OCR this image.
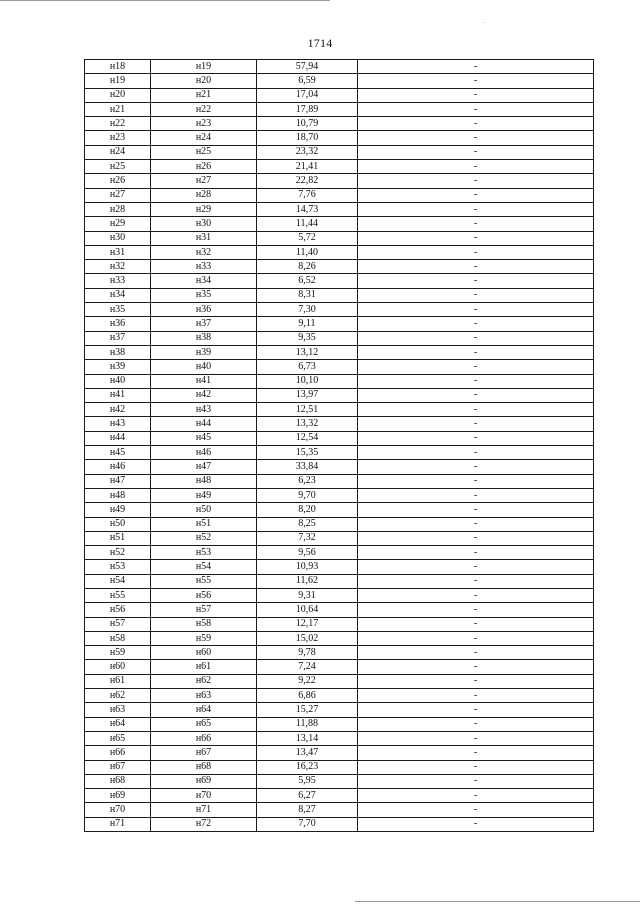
1714
н18	н19	57,94	-
н19	н20	6,59	-
н20	н21	17,04	-
н21	н22	17,89	-
н22	н23	10,79	-
н23	н24	18,70	-
н24	н25	23,32	-
н25	н26	21,41	-
н26	н27	22,82	-
н27	н28	7,76	-
н28	н29	14,73	-
н29	н30	11,44	-
н30	н31	5,72	-
н31	н32	11,40	-
н32	н33	8,26	-
н33	н34	6,52	-
н34	н35	8,31	-
н35	н36	7,30	-
н36	н37	9,11	-
н37	н38	9,35	-
н38	н39	13,12	-
н39	н40	6,73	-
н40	н41	10,10	-
н41	н42	13,97	-
н42	н43	12,51	-
н43	н44	13,32	-
н44	н45	12,54	-
н45	н46	15,35	-
н46	н47	33,84	-
н47	н48	6,23	-
н48	н49	9,70	-
н49	н50	8,20	-
н50	н51	8,25	-
н51	н52	7,32	-
н52	н53	9,56	-
н53	н54	10,93	-
н54	н55	11,62	-
н55	н56	9,31	-
н56	н57	10,64	-
н57	н58	12,17	-
н58	н59	15,02	-
н59	н60	9,78	-
н60	н61	7,24	-
н61	н62	9,22	-
н62	н63	6,86	-
н63	н64	15,27	-
н64	н65	11,88	-
н65	н66	13,14	-
н66	н67	13,47	-
н67	н68	16,23	-
н68	н69	5,95	-
н69	н70	6,27	-
н70	н71	8,27	-
н71	н72	7,70	-
